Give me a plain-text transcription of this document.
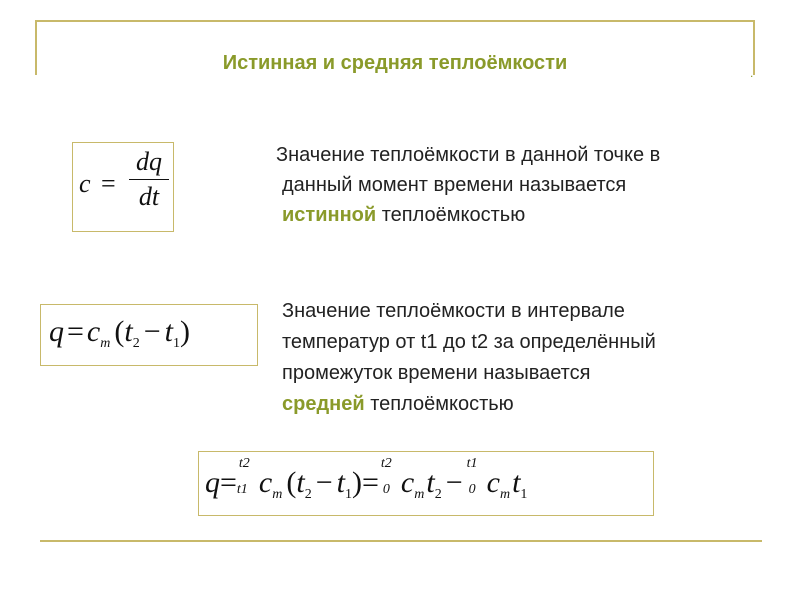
.
Истинная и средняя теплоёмкости
c =
dq
dt
Значение теплоёмкости в данной точке в
данный момент времени называется
истинной теплоёмкостью
$q = c_m$ $(t_2 - t_1)$
Значение теплоёмкости в интервале
температур от t1 до t2 за определённый
промежуток времени называется
средней теплоёмкостью
q=
t2
t1 $c_m$ $(t_2 - t_1)=$
t2
0 $c_mt_2$ −
t1
0 $c_mt_1$
